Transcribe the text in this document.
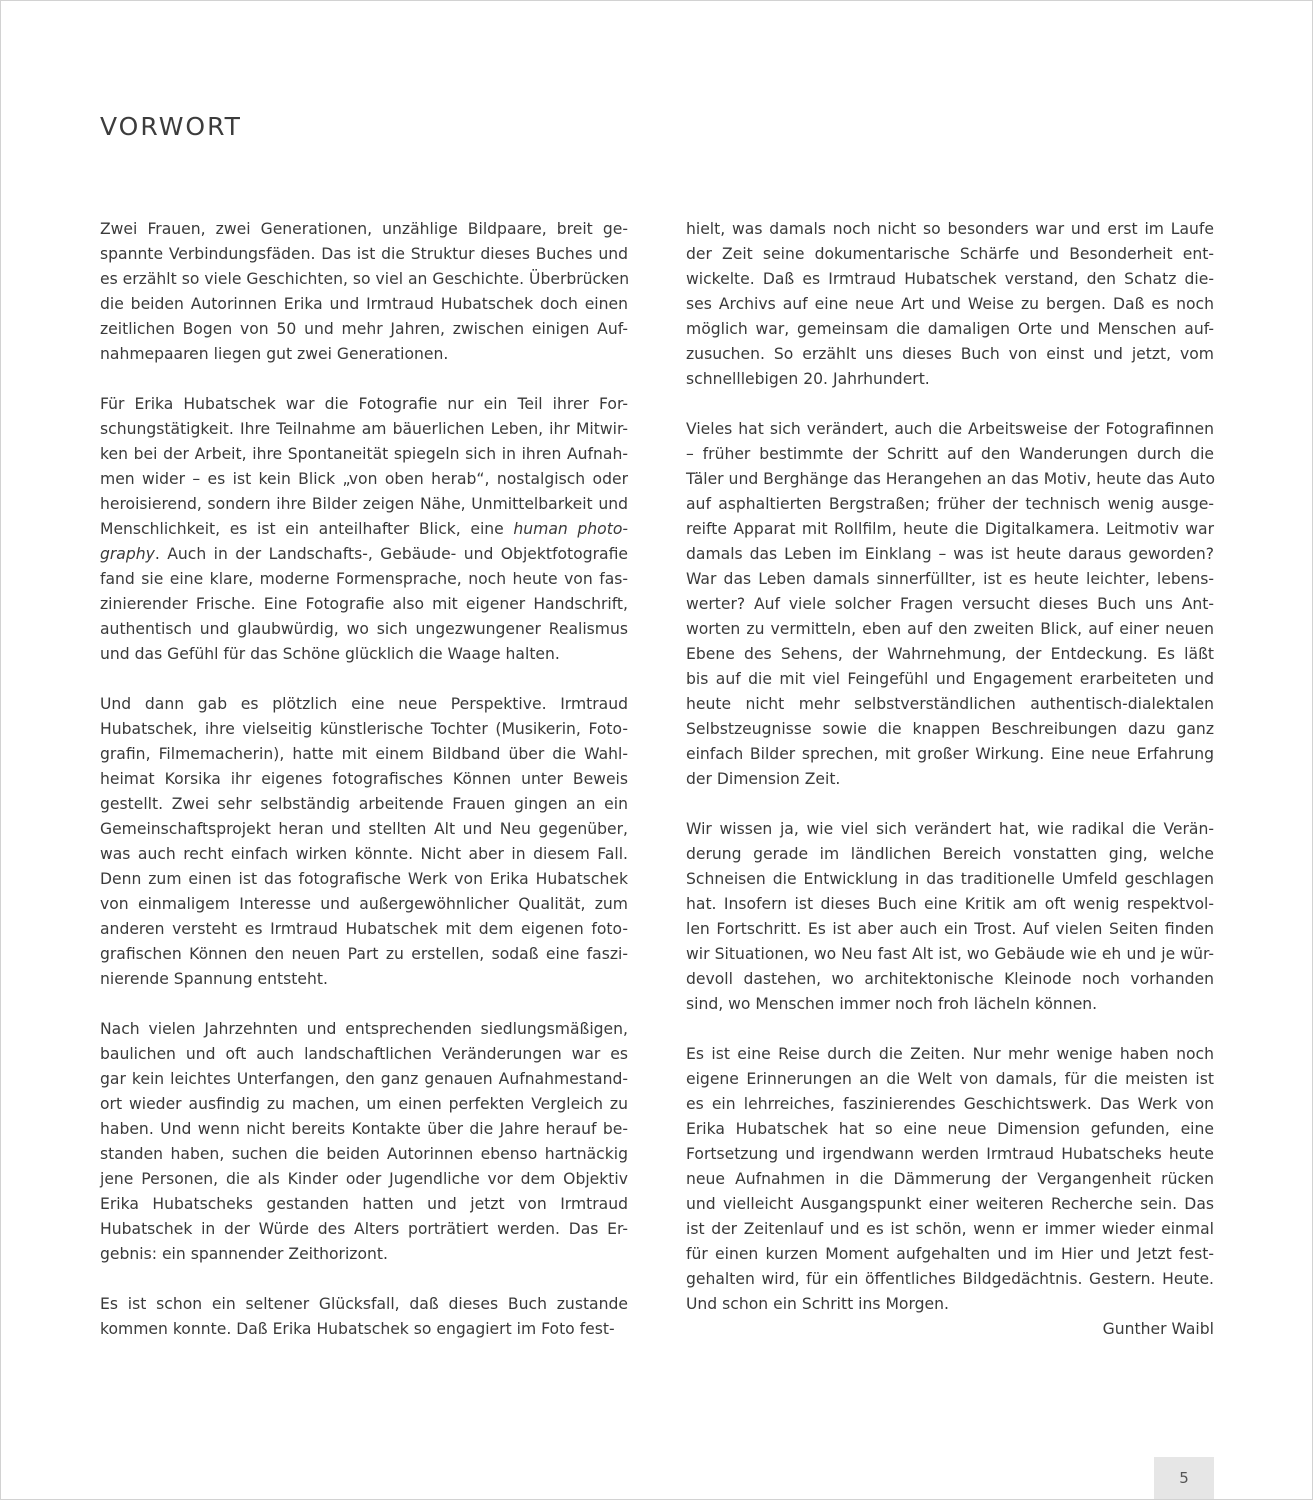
VORWORT

Zwei Frauen, zwei Generationen, unzählige Bildpaare, breit ge-
spannte Verbindungsfäden. Das ist die Struktur dieses Buches und
es erzählt so viele Geschichten, so viel an Geschichte. Überbrücken
die beiden Autorinnen Erika und Irmtraud Hubatschek doch einen
zeitlichen Bogen von 50 und mehr Jahren, zwischen einigen Auf-
nahmepaaren liegen gut zwei Generationen.

Für Erika Hubatschek war die Fotografie nur ein Teil ihrer For-
schungstätigkeit. Ihre Teilnahme am bäuerlichen Leben, ihr Mitwir-
ken bei der Arbeit, ihre Spontaneität spiegeln sich in ihren Aufnah-
men wider – es ist kein Blick „von oben herab“, nostalgisch oder
heroisierend, sondern ihre Bilder zeigen Nähe, Unmittelbarkeit und
Menschlichkeit, es ist ein anteilhafter Blick, eine human photo-
graphy. Auch in der Landschafts-, Gebäude- und Objektfotografie
fand sie eine klare, moderne Formensprache, noch heute von fas-
zinierender Frische. Eine Fotografie also mit eigener Handschrift,
authentisch und glaubwürdig, wo sich ungezwungener Realismus
und das Gefühl für das Schöne glücklich die Waage halten.

Und dann gab es plötzlich eine neue Perspektive. Irmtraud
Hubatschek, ihre vielseitig künstlerische Tochter (Musikerin, Foto-
grafin, Filmemacherin), hatte mit einem Bildband über die Wahl-
heimat Korsika ihr eigenes fotografisches Können unter Beweis
gestellt. Zwei sehr selbständig arbeitende Frauen gingen an ein
Gemeinschaftsprojekt heran und stellten Alt und Neu gegenüber,
was auch recht einfach wirken könnte. Nicht aber in diesem Fall.
Denn zum einen ist das fotografische Werk von Erika Hubatschek
von einmaligem Interesse und außergewöhnlicher Qualität, zum
anderen versteht es Irmtraud Hubatschek mit dem eigenen foto-
grafischen Können den neuen Part zu erstellen, sodaß eine faszi-
nierende Spannung entsteht.

Nach vielen Jahrzehnten und entsprechenden siedlungsmäßigen,
baulichen und oft auch landschaftlichen Veränderungen war es
gar kein leichtes Unterfangen, den ganz genauen Aufnahmestand-
ort wieder ausfindig zu machen, um einen perfekten Vergleich zu
haben. Und wenn nicht bereits Kontakte über die Jahre herauf be-
standen haben, suchen die beiden Autorinnen ebenso hartnäckig
jene Personen, die als Kinder oder Jugendliche vor dem Objektiv
Erika Hubatscheks gestanden hatten und jetzt von Irmtraud
Hubatschek in der Würde des Alters porträtiert werden. Das Er-
gebnis: ein spannender Zeithorizont.

Es ist schon ein seltener Glücksfall, daß dieses Buch zustande
kommen konnte. Daß Erika Hubatschek so engagiert im Foto fest-

hielt, was damals noch nicht so besonders war und erst im Laufe
der Zeit seine dokumentarische Schärfe und Besonderheit ent-
wickelte. Daß es Irmtraud Hubatschek verstand, den Schatz die-
ses Archivs auf eine neue Art und Weise zu bergen. Daß es noch
möglich war, gemeinsam die damaligen Orte und Menschen auf-
zusuchen. So erzählt uns dieses Buch von einst und jetzt, vom
schnelllebigen 20. Jahrhundert.

Vieles hat sich verändert, auch die Arbeitsweise der Fotografinnen
– früher bestimmte der Schritt auf den Wanderungen durch die
Täler und Berghänge das Herangehen an das Motiv, heute das Auto
auf asphaltierten Bergstraßen; früher der technisch wenig ausge-
reifte Apparat mit Rollfilm, heute die Digitalkamera. Leitmotiv war
damals das Leben im Einklang – was ist heute daraus geworden?
War das Leben damals sinnerfüllter, ist es heute leichter, lebens-
werter? Auf viele solcher Fragen versucht dieses Buch uns Ant-
worten zu vermitteln, eben auf den zweiten Blick, auf einer neuen
Ebene des Sehens, der Wahrnehmung, der Entdeckung. Es läßt
bis auf die mit viel Feingefühl und Engagement erarbeiteten und
heute nicht mehr selbstverständlichen authentisch-dialektalen
Selbstzeugnisse sowie die knappen Beschreibungen dazu ganz
einfach Bilder sprechen, mit großer Wirkung. Eine neue Erfahrung
der Dimension Zeit.

Wir wissen ja, wie viel sich verändert hat, wie radikal die Verän-
derung gerade im ländlichen Bereich vonstatten ging, welche
Schneisen die Entwicklung in das traditionelle Umfeld geschlagen
hat. Insofern ist dieses Buch eine Kritik am oft wenig respektvol-
len Fortschritt. Es ist aber auch ein Trost. Auf vielen Seiten finden
wir Situationen, wo Neu fast Alt ist, wo Gebäude wie eh und je wür-
devoll dastehen, wo architektonische Kleinode noch vorhanden
sind, wo Menschen immer noch froh lächeln können.

Es ist eine Reise durch die Zeiten. Nur mehr wenige haben noch
eigene Erinnerungen an die Welt von damals, für die meisten ist
es ein lehrreiches, faszinierendes Geschichtswerk. Das Werk von
Erika Hubatschek hat so eine neue Dimension gefunden, eine
Fortsetzung und irgendwann werden Irmtraud Hubatscheks heute
neue Aufnahmen in die Dämmerung der Vergangenheit rücken
und vielleicht Ausgangspunkt einer weiteren Recherche sein. Das
ist der Zeitenlauf und es ist schön, wenn er immer wieder einmal
für einen kurzen Moment aufgehalten und im Hier und Jetzt fest-
gehalten wird, für ein öffentliches Bildgedächtnis. Gestern. Heute.
Und schon ein Schritt ins Morgen.

Gunther Waibl

5
